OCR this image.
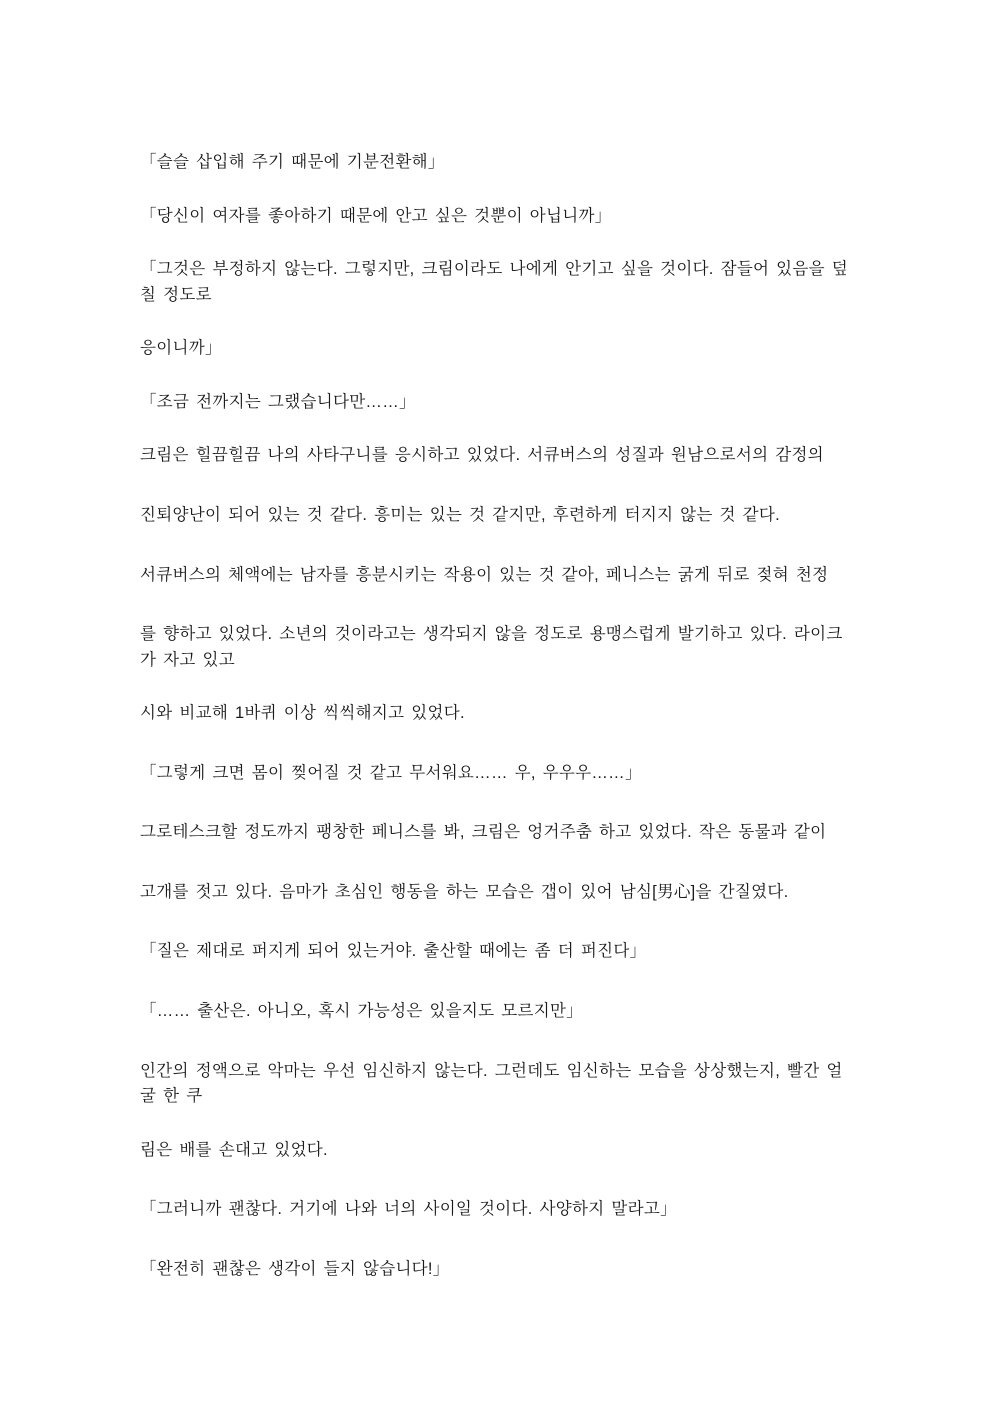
「슬슬 삽입해 주기 때문에 기분전환해」

「당신이 여자를 좋아하기 때문에 안고 싶은 것뿐이 아닙니까」

「그것은 부정하지 않는다. 그렇지만, 크림이라도 나에게 안기고 싶을 것이다. 잠들어 있음을 덮칠 정도로

응이니까」

「조금 전까지는 그랬습니다만……」

크림은 힐끔힐끔 나의 사타구니를 응시하고 있었다. 서큐버스의 성질과 원남으로서의 감정의

진퇴양난이 되어 있는 것 같다. 흥미는 있는 것 같지만, 후련하게 터지지 않는 것 같다.

서큐버스의 체액에는 남자를 흥분시키는 작용이 있는 것 같아, 페니스는 굵게 뒤로 젖혀 천정

를 향하고 있었다. 소년의 것이라고는 생각되지 않을 정도로 용맹스럽게 발기하고 있다. 라이크가 자고 있고

시와 비교해 1바퀴 이상 씩씩해지고 있었다.

「그렇게 크면 몸이 찢어질 것 같고 무서워요…… 우, 우우우……」

그로테스크할 정도까지 팽창한 페니스를 봐, 크림은 엉거주춤 하고 있었다. 작은 동물과 같이

고개를 젓고 있다. 음마가 초심인 행동을 하는 모습은 갭이 있어 남심[男心]을 간질였다.

「질은 제대로 퍼지게 되어 있는거야. 출산할 때에는 좀 더 퍼진다」

「…… 출산은. 아니오, 혹시 가능성은 있을지도 모르지만」

인간의 정액으로 악마는 우선 임신하지 않는다. 그런데도 임신하는 모습을 상상했는지, 빨간 얼굴 한 쿠

림은 배를 손대고 있었다.

「그러니까 괜찮다. 거기에 나와 너의 사이일 것이다. 사양하지 말라고」

「완전히 괜찮은 생각이 들지 않습니다!」
